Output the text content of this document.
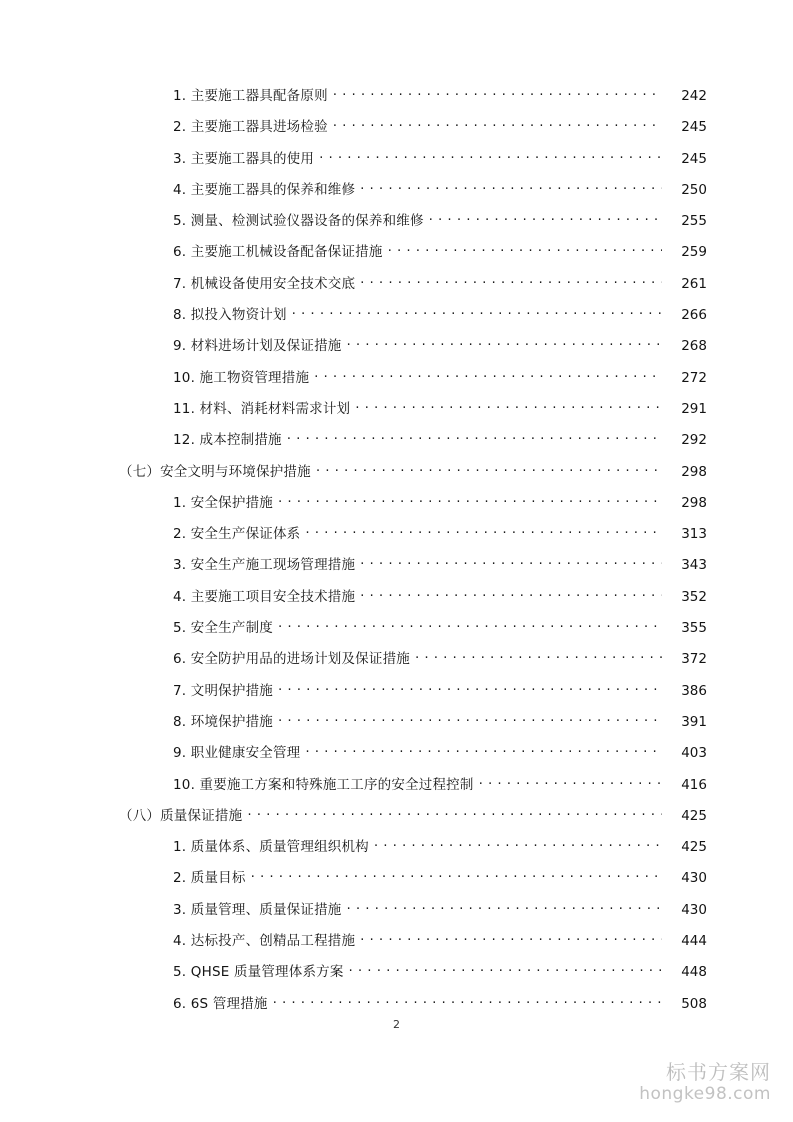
1. 主要施工器具配备原则 . . .	242
2. 主要施工器具进场检验 . . .	245
3. 主要施工器具的使用 . . .	245
4. 主要施工器具的保养和维修 . . .	250
5. 测量、检测试验仪器设备的保养和维修 . . .	255
6. 主要施工机械设备配备保证措施 . . .	259
7. 机械设备使用安全技术交底 . . .	261
8. 拟投入物资计划 . . .	266
9. 材料进场计划及保证措施 . . .	268
10. 施工物资管理措施 . . .	272
11. 材料、消耗材料需求计划 . . .	291
12. 成本控制措施 . . .	292
（七）安全文明与环境保护措施 . . .	298
1. 安全保护措施 . . .	298
2. 安全生产保证体系 . . .	313
3. 安全生产施工现场管理措施 . . .	343
4. 主要施工项目安全技术措施 . . .	352
5. 安全生产制度 . . .	355
6. 安全防护用品的进场计划及保证措施 . . .	372
7. 文明保护措施 . . .	386
8. 环境保护措施 . . .	391
9. 职业健康安全管理 . . .	403
10. 重要施工方案和特殊施工工序的安全过程控制 . . .	416
（八）质量保证措施 . . .	425
1. 质量体系、质量管理组织机构 . . .	425
2. 质量目标 . . .	430
3. 质量管理、质量保证措施 . . .	430
4. 达标投产、创精品工程措施 . . .	444
5. QHSE 质量管理体系方案 . . .	448
6. 6S 管理措施 . . .	508
2
标书方案网
hongke98.com
